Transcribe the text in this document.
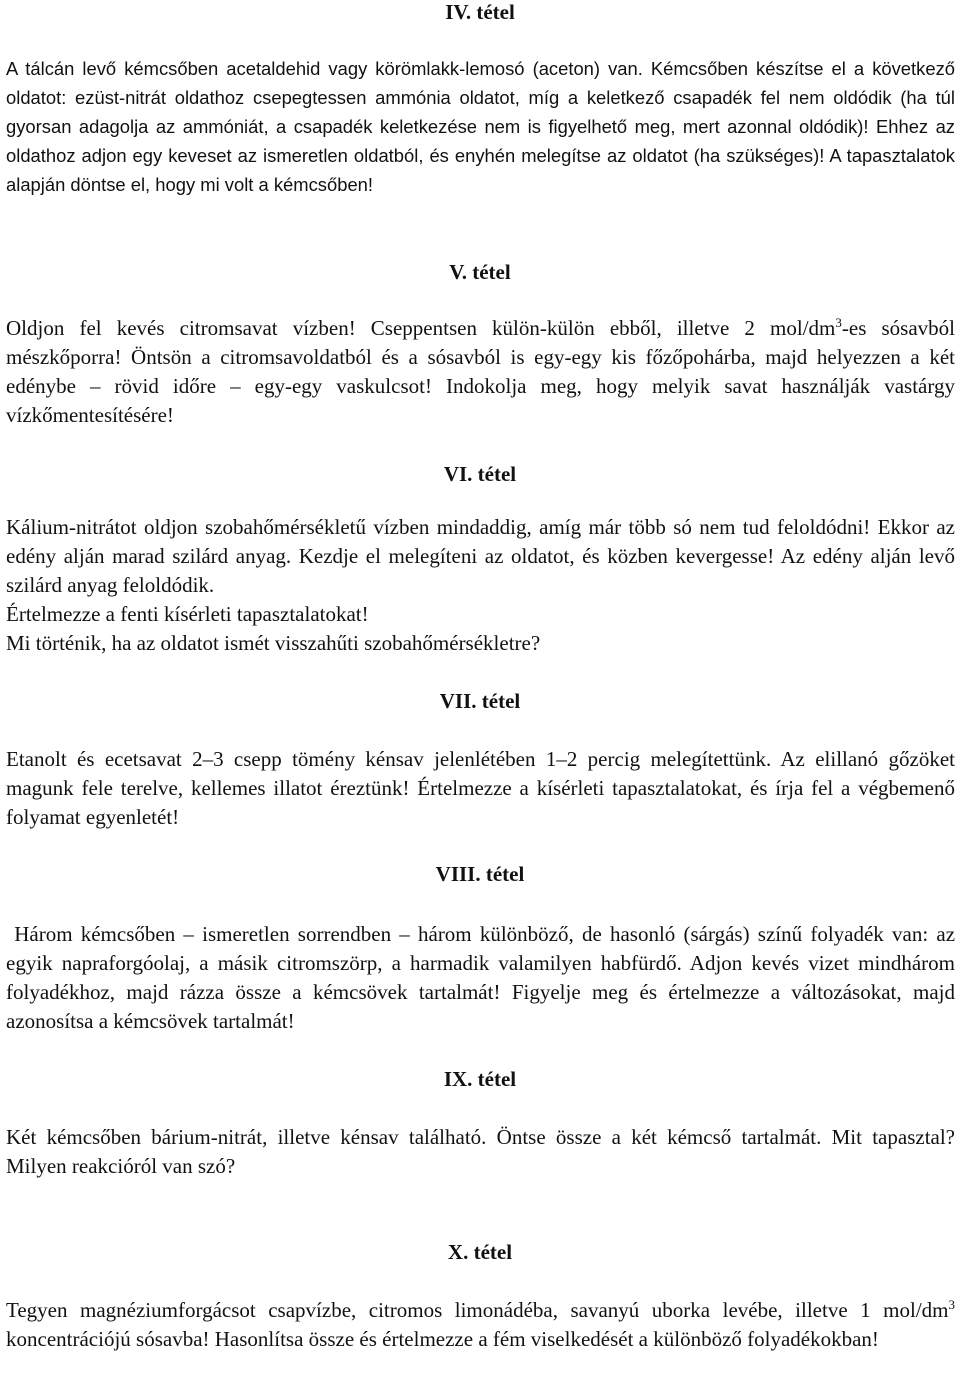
IV. tétel

A tálcán levő kémcsőben acetaldehid vagy körömlakk-lemosó (aceton) van. Kémcsőben készítse el a következő oldatot: ezüst-nitrát oldathoz csepegtessen ammónia oldatot, míg a keletkező csapadék fel nem oldódik (ha túl gyorsan adagolja az ammóniát, a csapadék keletkezése nem is figyelhető meg, mert azonnal oldódik)! Ehhez az oldathoz adjon egy keveset az ismeretlen oldatból, és enyhén melegítse az oldatot (ha szükséges)! A tapasztalatok alapján döntse el, hogy mi volt a kémcsőben!

V. tétel

Oldjon fel kevés citromsavat vízben! Cseppentsen külön-külön ebből, illetve 2 mol/$dm^3-es$ sósavból mészkőporra! Öntsön a citromsavoldatból és a sósavból is egy-egy kis főzőpohárba, majd helyezzen a két edénybe – rövid időre – egy-egy vaskulcsot! Indokolja meg, hogy melyik savat használják vastárgy vízkőmentesítésére!

VI. tétel

Kálium-nitrátot oldjon szobahőmérsékletű vízben mindaddig, amíg már több só nem tud feloldódni! Ekkor az edény alján marad szilárd anyag. Kezdje el melegíteni az oldatot, és közben kevergesse! Az edény alján levő szilárd anyag feloldódik.

Értelmezze a fenti kísérleti tapasztalatokat!

Mi történik, ha az oldatot ismét visszahűti szobahőmérsékletre?

VII. tétel

Etanolt és ecetsavat 2–3 csepp tömény kénsav jelenlétében 1–2 percig melegítettünk. Az elillanó gőzöket magunk fele terelve, kellemes illatot éreztünk! Értelmezze a kísérleti tapasztalatokat, és írja fel a végbemenő folyamat egyenletét!

VIII. tétel

Három kémcsőben – ismeretlen sorrendben – három különböző, de hasonló (sárgás) színű folyadék van: az egyik napraforgóolaj, a másik citromszörp, a harmadik valamilyen habfürdő. Adjon kevés vizet mindhárom folyadékhoz, majd rázza össze a kémcsövek tartalmát! Figyelje meg és értelmezze a változásokat, majd azonosítsa a kémcsövek tartalmát!

IX. tétel

Két kémcsőben bárium-nitrát, illetve kénsav található. Öntse össze a két kémcső tartalmát. Mit tapasztal? Milyen reakcióról van szó?

X. tétel

Tegyen magnéziumforgácsot csapvízbe, citromos limonádéba, savanyú uborka levébe, illetve 1 mol/$dm^3$ koncentrációjú sósavba! Hasonlítsa össze és értelmezze a fém viselkedését a különböző folyadékokban!
